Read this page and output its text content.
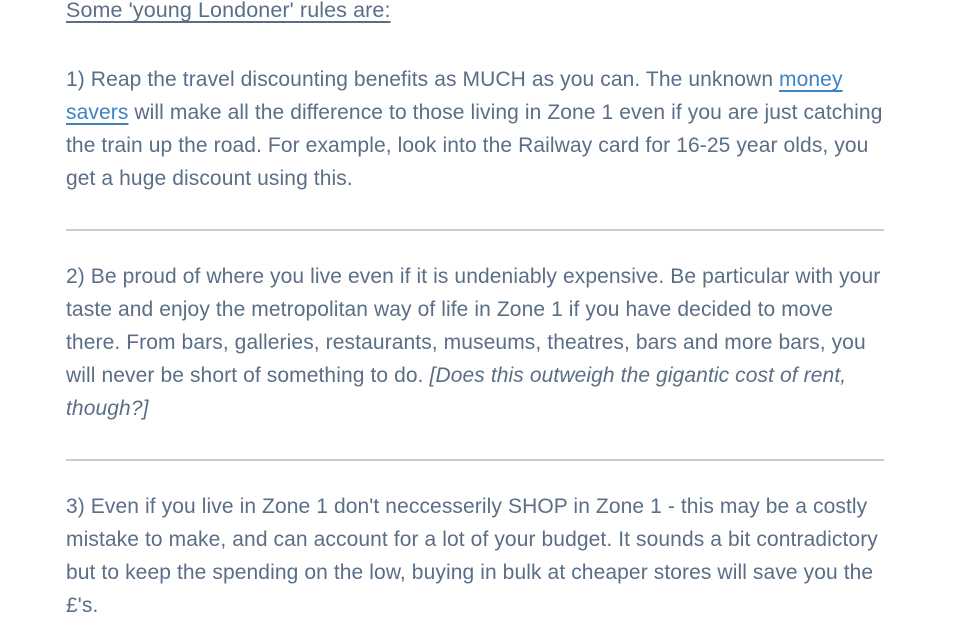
Some 'young Londoner' rules are:

1) Reap the travel discounting benefits as MUCH as you can. The unknown money savers will make all the difference to those living in Zone 1 even if you are just catching the train up the road. For example, look into the Railway card for 16-25 year olds, you get a huge discount using this.

2) Be proud of where you live even if it is undeniably expensive. Be particular with your taste and enjoy the metropolitan way of life in Zone 1 if you have decided to move there. From bars, galleries, restaurants, museums, theatres, bars and more bars, you will never be short of something to do. [Does this outweigh the gigantic cost of rent, though?]

3) Even if you live in Zone 1 don't neccesserily SHOP in Zone 1 - this may be a costly mistake to make, and can account for a lot of your budget. It sounds a bit contradictory but to keep the spending on the low, buying in bulk at cheaper stores will save you the £'s.
